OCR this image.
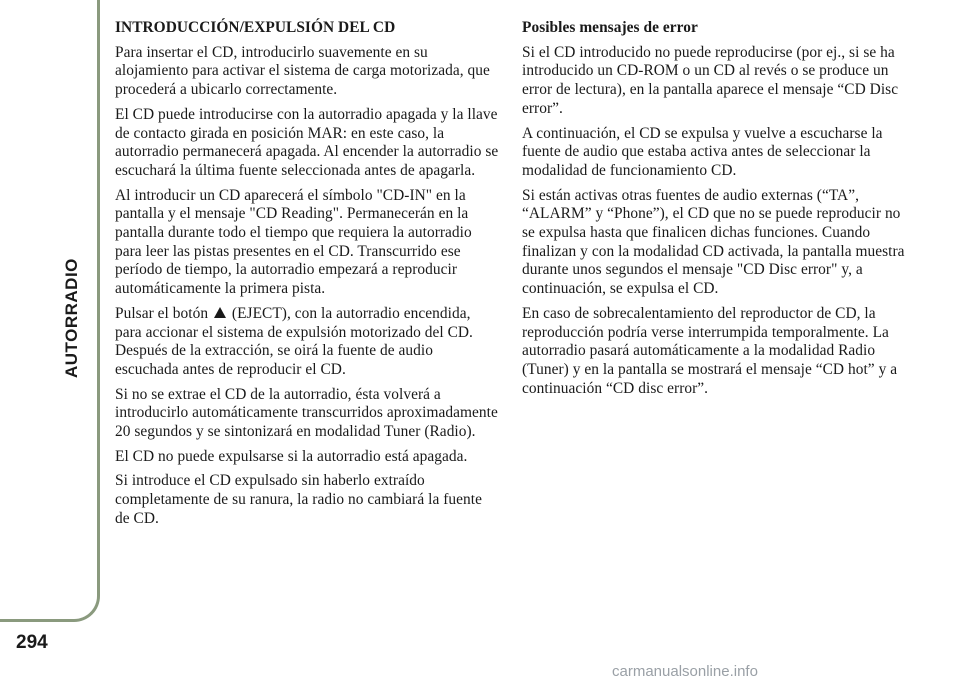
AUTORRADIO
294
INTRODUCCIÓN/EXPULSIÓN DEL CD

Para insertar el CD, introducirlo suavemente en su alojamiento para activar el sistema de carga motorizada, que procederá a ubicarlo correctamente.

El CD puede introducirse con la autorradio apagada y la llave de contacto girada en posición MAR: en este caso, la autorradio permanecerá apagada. Al encender la autorradio se escuchará la última fuente seleccionada antes de apagarla.

Al introducir un CD aparecerá el símbolo "CD-IN" en la pantalla y el mensaje "CD Reading". Permanecerán en la pantalla durante todo el tiempo que requiera la autorradio para leer las pistas presentes en el CD. Transcurrido ese período de tiempo, la autorradio empezará a reproducir automáticamente la primera pista.

Pulsar el botón (EJECT), con la autorradio encendida, para accionar el sistema de expulsión motorizado del CD. Después de la extracción, se oirá la fuente de audio escuchada antes de reproducir el CD.

Si no se extrae el CD de la autorradio, ésta volverá a introducirlo automáticamente transcurridos aproximadamente 20 segundos y se sintonizará en modalidad Tuner (Radio).

El CD no puede expulsarse si la autorradio está apagada.

Si introduce el CD expulsado sin haberlo extraído completamente de su ranura, la radio no cambiará la fuente de CD.

Posibles mensajes de error

Si el CD introducido no puede reproducirse (por ej., si se ha introducido un CD-ROM o un CD al revés o se produce un error de lectura), en la pantalla aparece el mensaje “CD Disc error”.

A continuación, el CD se expulsa y vuelve a escucharse la fuente de audio que estaba activa antes de seleccionar la modalidad de funcionamiento CD.

Si están activas otras fuentes de audio externas (“TA”, “ALARM” y “Phone”), el CD que no se puede reproducir no se expulsa hasta que finalicen dichas funciones. Cuando finalizan y con la modalidad CD activada, la pantalla muestra durante unos segundos el mensaje "CD Disc error" y, a continuación, se expulsa el CD.

En caso de sobrecalentamiento del reproductor de CD, la reproducción podría verse interrumpida temporalmente. La autorradio pasará automáticamente a la modalidad Radio (Tuner) y en la pantalla se mostrará el mensaje “CD hot” y a continuación “CD disc error”.

carmanualsonline.info
